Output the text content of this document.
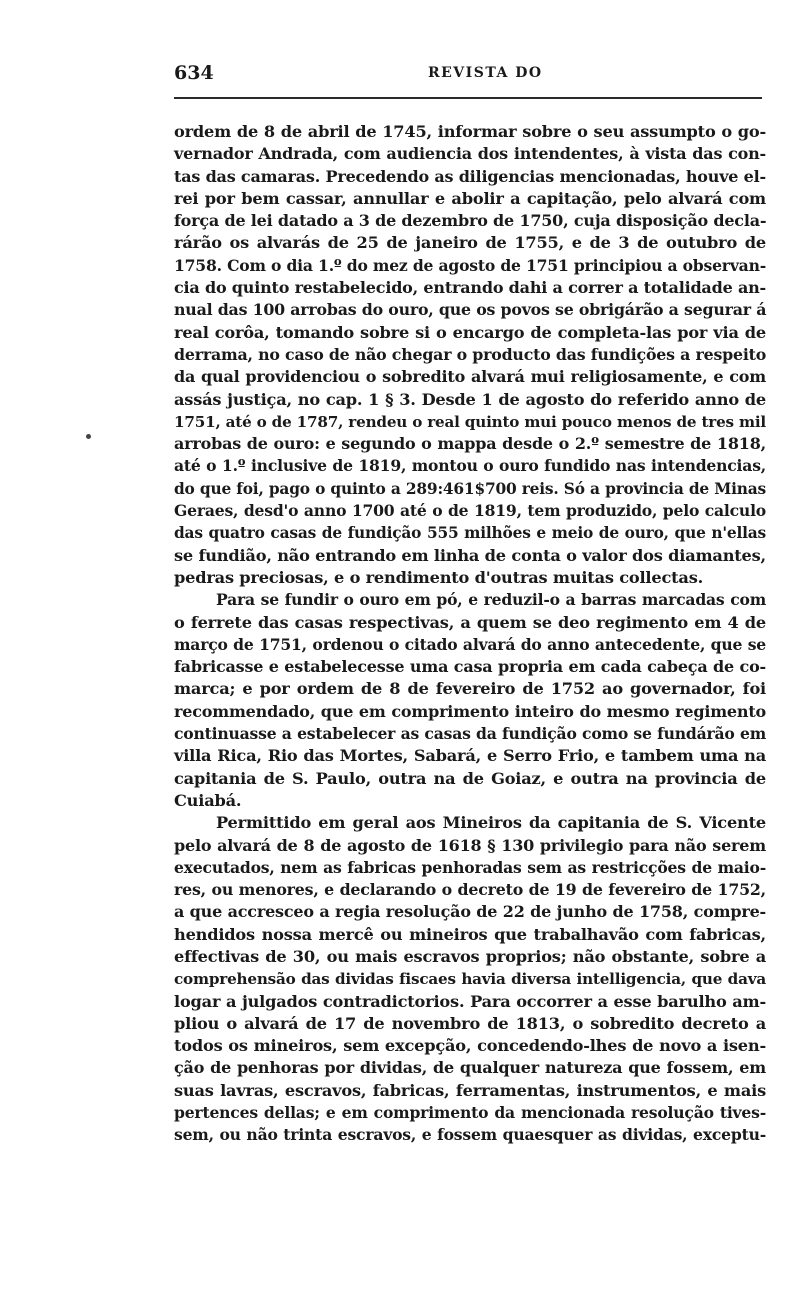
634	REVISTA DO
ordem de 8 de abril de 1745, informar sobre o seu assumpto o go-
vernador Andrada, com audiencia dos intendentes, à vista das con-
tas das camaras. Precedendo as diligencias mencionadas, houve el-
rei por bem cassar, annullar e abolir a capitação, pelo alvará com
força de lei datado a 3 de dezembro de 1750, cuja disposição decla-
rárão os alvarás de 25 de janeiro de 1755, e de 3 de outubro de
1758. Com o dia 1.º do mez de agosto de 1751 principiou a observan-
cia do quinto restabelecido, entrando dahi a correr a totalidade an-
nual das 100 arrobas do ouro, que os povos se obrigárão a segurar á
real corôa, tomando sobre si o encargo de completa-las por via de
derrama, no caso de não chegar o producto das fundições a respeito
da qual providenciou o sobredito alvará mui religiosamente, e com
assás justiça, no cap. 1 § 3. Desde 1 de agosto do referido anno de
1751, até o de 1787, rendeu o real quinto mui pouco menos de tres mil
arrobas de ouro: e segundo o mappa desde o 2.º semestre de 1818,
até o 1.º inclusive de 1819, montou o ouro fundido nas intendencias,
do que foi, pago o quinto a 289:461$700 reis. Só a provincia de Minas
Geraes, desd'o anno 1700 até o de 1819, tem produzido, pelo calculo
das quatro casas de fundição 555 milhões e meio de ouro, que n'ellas
se fundião, não entrando em linha de conta o valor dos diamantes,
pedras preciosas, e o rendimento d'outras muitas collectas.
Para se fundir o ouro em pó, e reduzil-o a barras marcadas com
o ferrete das casas respectivas, a quem se deo regimento em 4 de
março de 1751, ordenou o citado alvará do anno antecedente, que se
fabricasse e estabelecesse uma casa propria em cada cabeça de co-
marca; e por ordem de 8 de fevereiro de 1752 ao governador, foi
recommendado, que em comprimento inteiro do mesmo regimento
continuasse a estabelecer as casas da fundição como se fundárão em
villa Rica, Rio das Mortes, Sabará, e Serro Frio, e tambem uma na
capitania de S. Paulo, outra na de Goiaz, e outra na provincia de
Cuiabá.
Permittido em geral aos Mineiros da capitania de S. Vicente
pelo alvará de 8 de agosto de 1618 § 130 privilegio para não serem
executados, nem as fabricas penhoradas sem as restricções de maio-
res, ou menores, e declarando o decreto de 19 de fevereiro de 1752,
a que accresceo a regia resolução de 22 de junho de 1758, compre-
hendidos nossa mercê ou mineiros que trabalhavão com fabricas,
effectivas de 30, ou mais escravos proprios; não obstante, sobre a
comprehensão das dividas fiscaes havia diversa intelligencia, que dava
logar a julgados contradictorios. Para occorrer a esse barulho am-
pliou o alvará de 17 de novembro de 1813, o sobredito decreto a
todos os mineiros, sem excepção, concedendo-lhes de novo a isen-
ção de penhoras por dividas, de qualquer natureza que fossem, em
suas lavras, escravos, fabricas, ferramentas, instrumentos, e mais
pertences dellas; e em comprimento da mencionada resolução tives-
sem, ou não trinta escravos, e fossem quaesquer as dividas, exceptu-
